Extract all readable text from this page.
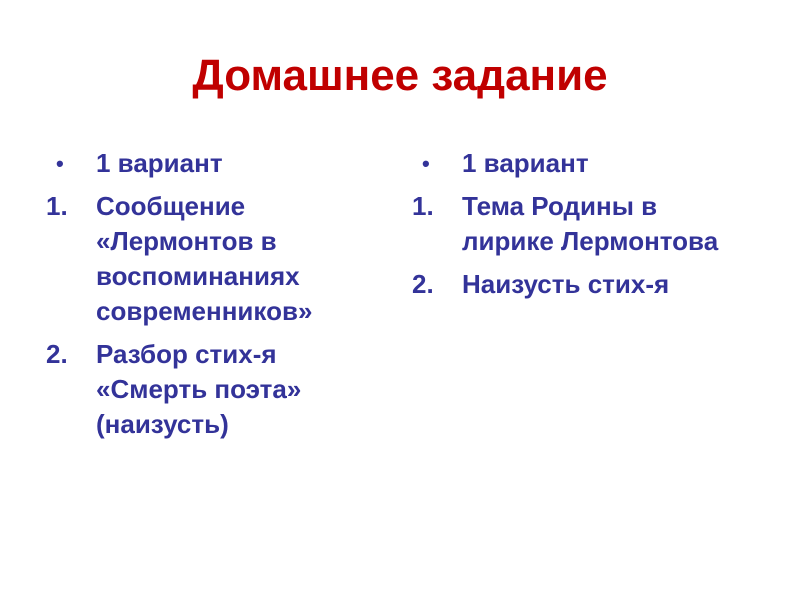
Домашнее задание
•	1 вариант
1.	Сообщение «Лермонтов в воспоминаниях современников»
2.	Разбор стих-я «Смерть поэта» (наизусть)
•	1 вариант
1.	Тема Родины в лирике Лермонтова
2.	Наизусть стих-я
